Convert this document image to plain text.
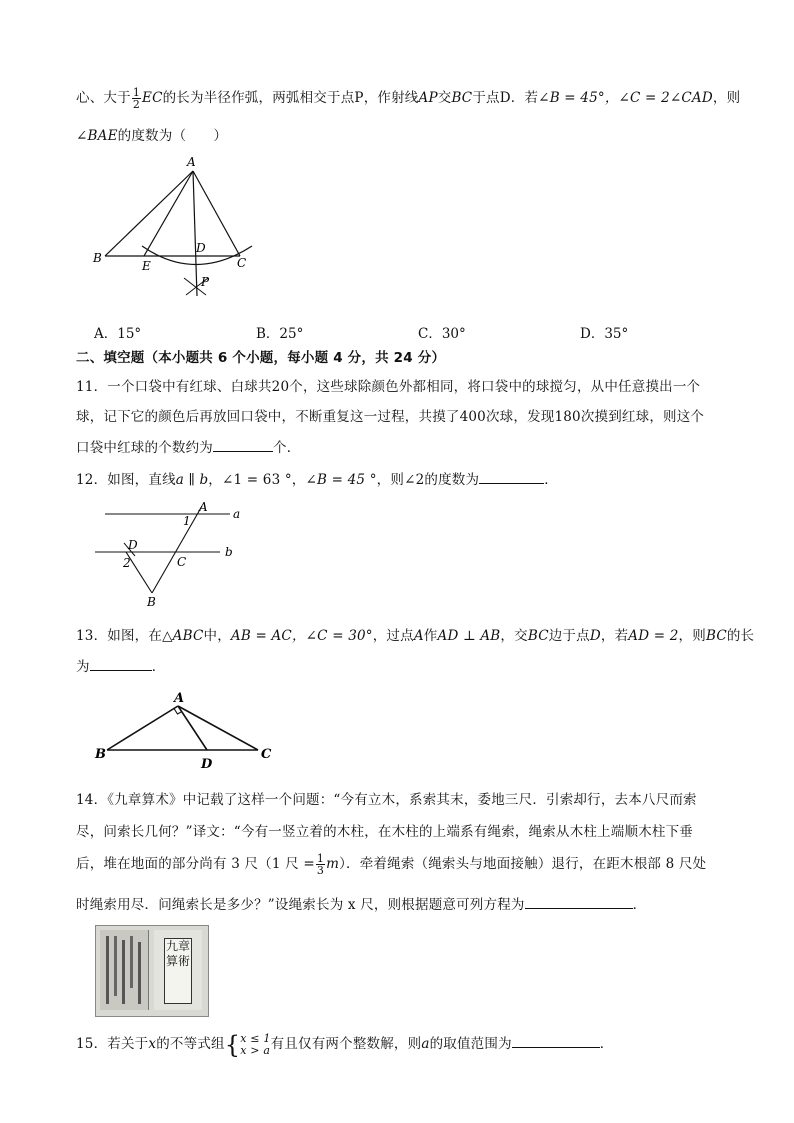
心、大于 $\frac{1}{2}$ EC的长为半径作弧，两弧相交于点P，作射线AP交BC于点D．若∠B = 45°，∠C = 2∠CAD，则
∠BAE的度数为（　　）
A
B
E
D
C
P
A．15°	B．25°	C．30°	D．35°
二、填空题（本小题共 6 个小题，每小题 4 分，共 24 分）
11．一个口袋中有红球、白球共20个，这些球除颜色外都相同，将口袋中的球搅匀，从中任意摸出一个
球，记下它的颜色后再放回口袋中，不断重复这一过程，共摸了400次球，发现180次摸到红球，则这个
口袋中红球的个数约为	个．
12．如图，直线a ∥ b，∠1 = 63 °，∠B = 45 °，则∠2的度数为	．
A a
1
D	b
2	C
B
13．如图，在△ABC中，AB = AC，∠C = 30°，过点A作AD ⊥ AB，交BC边于点D，若AD = 2，则BC的长
为	．
A
B	C
D
14．《九章算术》中记载了这样一个问题：“今有立木，系索其末，委地三尺．引索却行，去本八尺而索
尽，问索长几何？”译文：“今有一竖立着的木柱，在木柱的上端系有绳索，绳索从木柱上端顺木柱下垂
后，堆在地面的部分尚有 3 尺（1 尺 = $\frac{1}{3} m$）．牵着绳索（绳索头与地面接触）退行，在距木根部 8 尺处
时绳索用尽．问绳索长是多少？”设绳索长为 x 尺，则根据题意可列方程为	．
九章算術
15．若关于x的不等式组{ x ≤ 1
x > a 有且仅有两个整数解，则a的取值范围为	．
